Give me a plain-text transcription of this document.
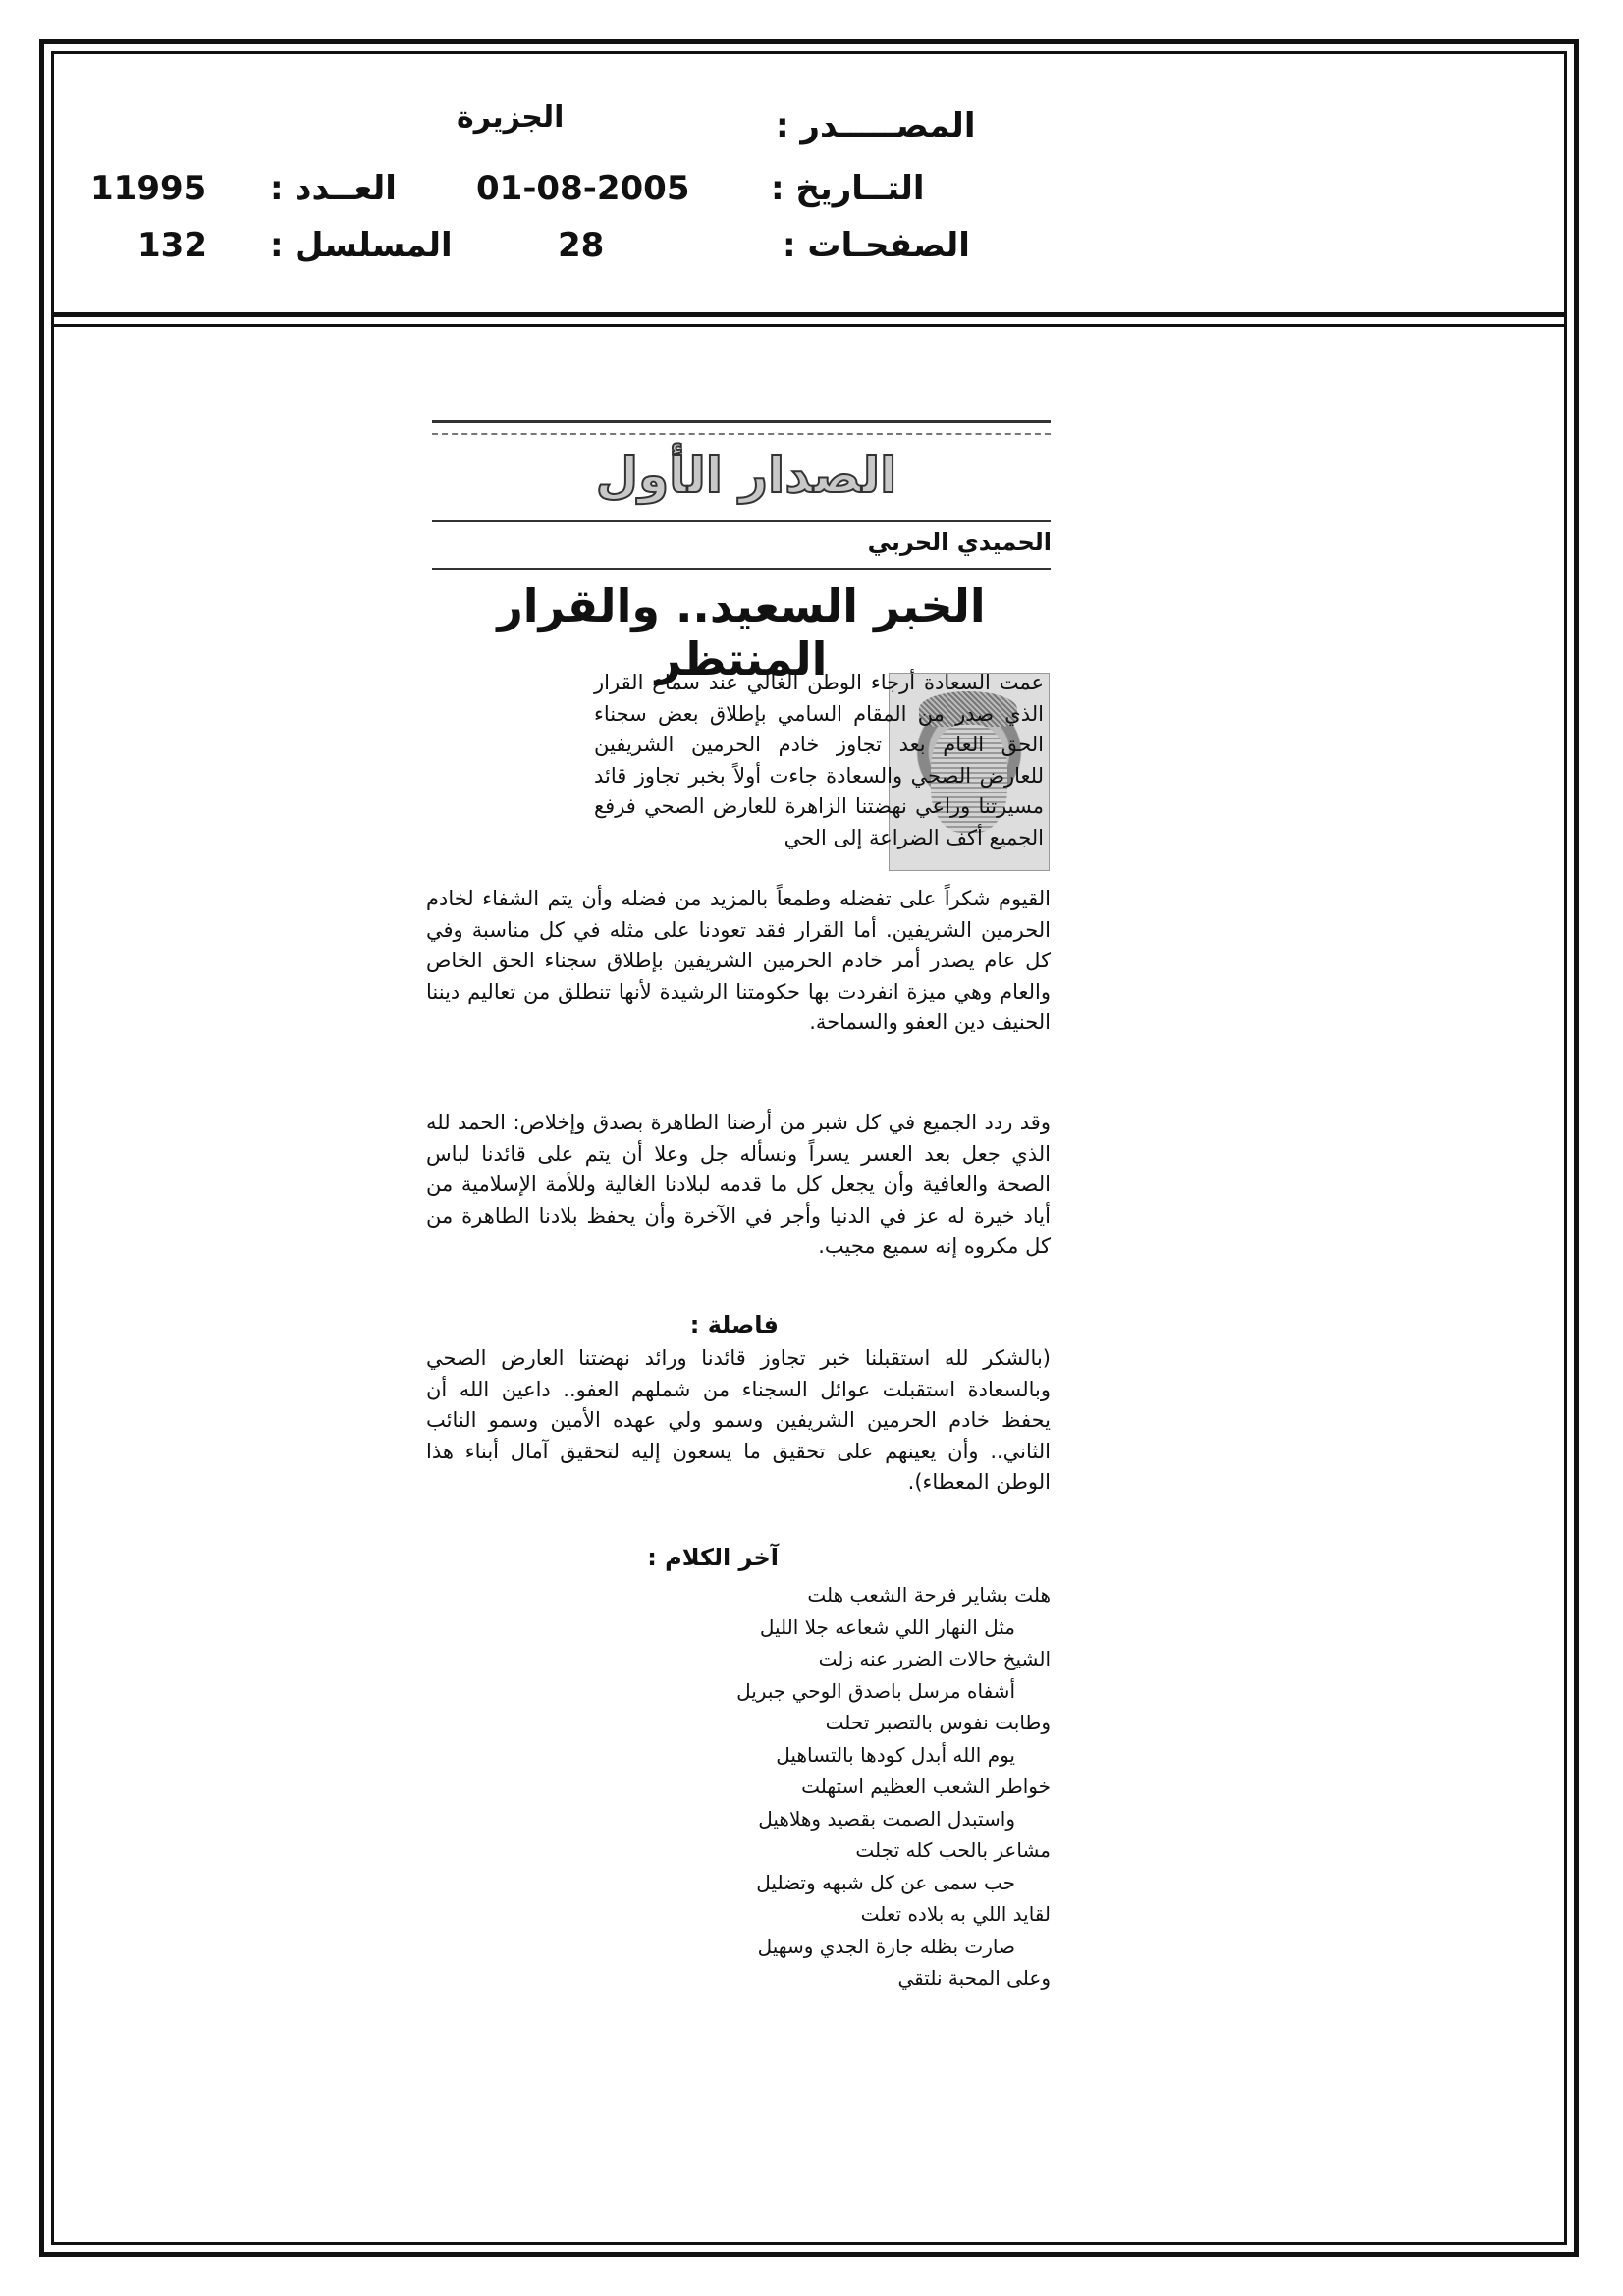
المصـــــدر :
الجزيرة
التــاريخ :
01-08-2005
العــدد
:
11995
الصفحـات :
28
المسلسل
:
132
الصدار الأول
الحميدي الحربي
الخبر السعيد.. والقرار المنتظر
عمت السعادة أرجاء الوطن الغالي عند سماع القرار الذي صدر من المقام السامي بإطلاق بعض سجناء الحق العام بعد تجاوز خادم الحرمين الشريفين للعارض الصحي والسعادة جاءت أولاً بخبر تجاوز قائد مسيرتنا وراعي نهضتنا الزاهرة للعارض الصحي فرفع الجميع أكف الضراعة إلى الحي
القيوم شكراً على تفضله وطمعاً بالمزيد من فضله وأن يتم الشفاء لخادم الحرمين الشريفين. أما القرار فقد تعودنا على مثله في كل مناسبة وفي كل عام يصدر أمر خادم الحرمين الشريفين بإطلاق سجناء الحق الخاص والعام وهي ميزة انفردت بها حكومتنا الرشيدة لأنها تنطلق من تعاليم ديننا الحنيف دين العفو والسماحة.
وقد ردد الجميع في كل شبر من أرضنا الطاهرة بصدق وإخلاص: الحمد لله الذي جعل بعد العسر يسراً ونسأله جل وعلا أن يتم على قائدنا لباس الصحة والعافية وأن يجعل كل ما قدمه لبلادنا الغالية وللأمة الإسلامية من أياد خيرة له عز في الدنيا وأجر في الآخرة وأن يحفظ بلادنا الطاهرة من كل مكروه إنه سميع مجيب.
فاصلة :
(بالشكر لله استقبلنا خبر تجاوز قائدنا ورائد نهضتنا العارض الصحي وبالسعادة استقبلت عوائل السجناء من شملهم العفو.. داعين الله أن يحفظ خادم الحرمين الشريفين وسمو ولي عهده الأمين وسمو النائب الثاني.. وأن يعينهم على تحقيق ما يسعون إليه لتحقيق آمال أبناء هذا الوطن المعطاء).
آخر الكلام :
هلت بشاير فرحة الشعب هلت
مثل النهار اللي شعاعه جلا الليل
الشيخ حالات الضرر عنه زلت
أشفاه مرسل باصدق الوحي جبريل
وطابت نفوس بالتصبر تحلت
يوم الله أبدل كودها بالتساهيل
خواطر الشعب العظيم استهلت
واستبدل الصمت بقصيد وهلاهيل
مشاعر بالحب كله تجلت
حب سمى عن كل شبهه وتضليل
لقايد اللي به بلاده تعلت
صارت بظله جارة الجدي وسهيل
وعلى المحبة نلتقي
